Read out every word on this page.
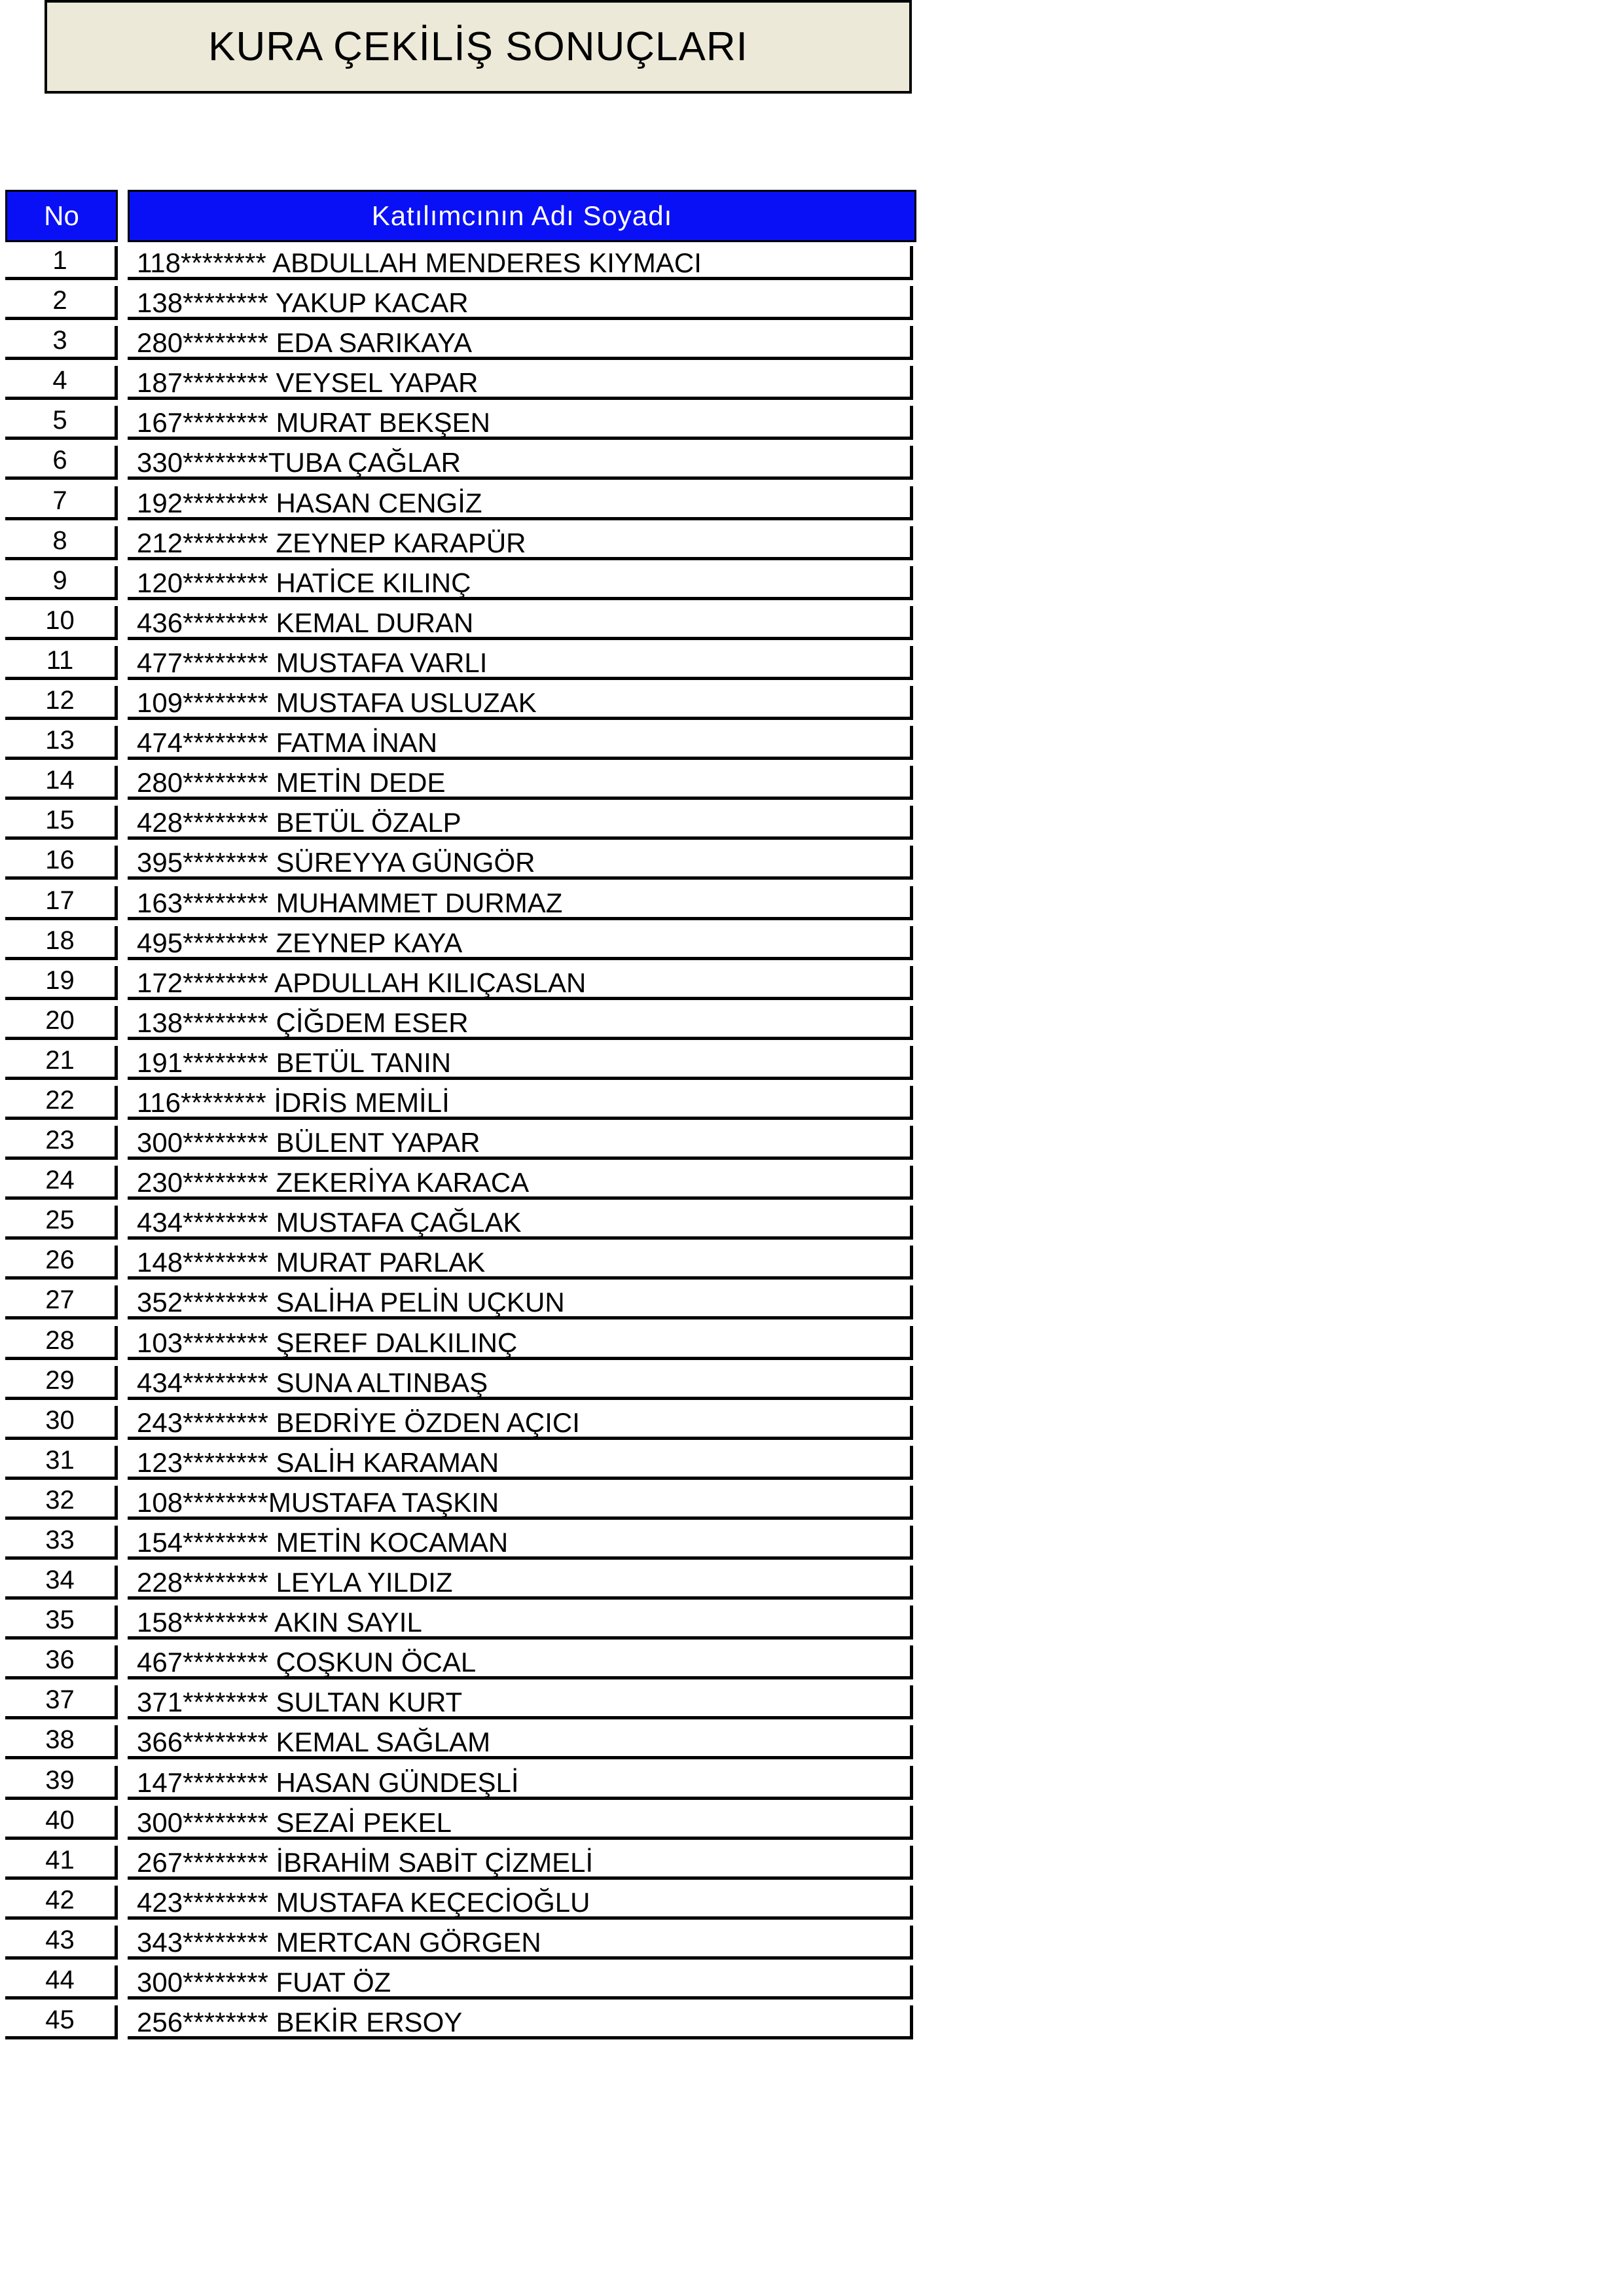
KURA ÇEKİLİŞ SONUÇLARI
No	Katılımcının Adı Soyadı
1	118******** ABDULLAH MENDERES KIYMACI
2	138******** YAKUP KACAR
3	280******** EDA SARIKAYA
4	187******** VEYSEL YAPAR
5	167******** MURAT BEKŞEN
6	330********TUBA ÇAĞLAR
7	192******** HASAN CENGİZ
8	212******** ZEYNEP KARAPÜR
9	120******** HATİCE KILINÇ
10	436******** KEMAL DURAN
11	477******** MUSTAFA VARLI
12	109******** MUSTAFA USLUZAK
13	474******** FATMA İNAN
14	280******** METİN DEDE
15	428******** BETÜL ÖZALP
16	395******** SÜREYYA GÜNGÖR
17	163******** MUHAMMET DURMAZ
18	495******** ZEYNEP KAYA
19	172******** APDULLAH KILIÇASLAN
20	138******** ÇİĞDEM ESER
21	191******** BETÜL TANIN
22	116******** İDRİS MEMİLİ
23	300******** BÜLENT YAPAR
24	230******** ZEKERİYA KARACA
25	434******** MUSTAFA ÇAĞLAK
26	148******** MURAT PARLAK
27	352******** SALİHA PELİN UÇKUN
28	103******** ŞEREF DALKILINÇ
29	434******** SUNA ALTINBAŞ
30	243******** BEDRİYE ÖZDEN AÇICI
31	123******** SALİH KARAMAN
32	108********MUSTAFA TAŞKIN
33	154******** METİN KOCAMAN
34	228******** LEYLA YILDIZ
35	158******** AKIN SAYIL
36	467******** ÇOŞKUN ÖCAL
37	371******** SULTAN KURT
38	366******** KEMAL SAĞLAM
39	147******** HASAN GÜNDEŞLİ
40	300******** SEZAİ PEKEL
41	267******** İBRAHİM SABİT ÇİZMELİ
42	423******** MUSTAFA KEÇECİOĞLU
43	343******** MERTCAN GÖRGEN
44	300******** FUAT ÖZ
45	256******** BEKİR ERSOY
